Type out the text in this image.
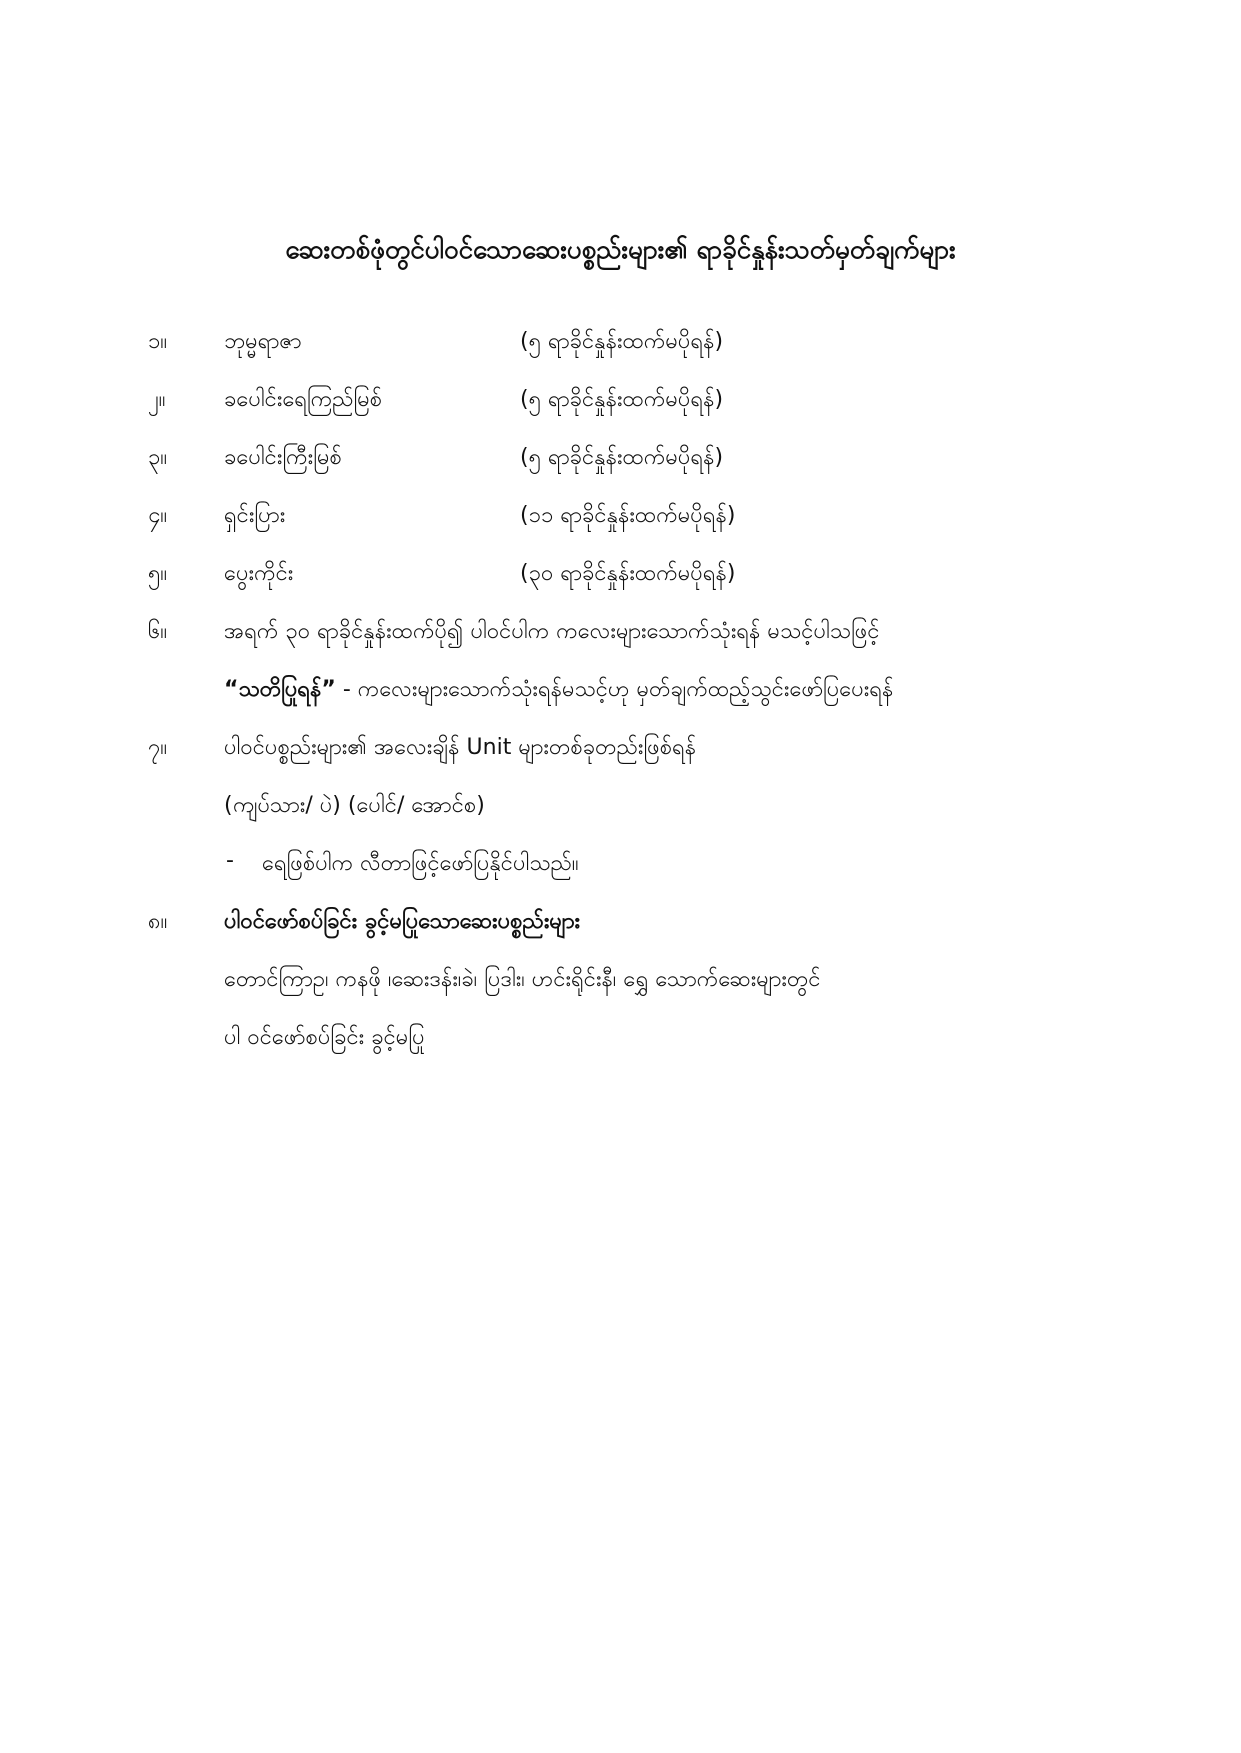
ဆေးတစ်ဖုံတွင်ပါဝင်သောဆေးပစ္စည်းများ၏ ရာခိုင်နှုန်းသတ်မှတ်ချက်များ
၁။	ဘုမ္မရာဇာ	(၅ ရာခိုင်နှုန်းထက်မပိုရန်)
၂။	ခပေါင်းရေကြည်မြစ်	(၅ ရာခိုင်နှုန်းထက်မပိုရန်)
၃။	ခပေါင်းကြီးမြစ်	(၅ ရာခိုင်နှုန်းထက်မပိုရန်)
၄။	ရှင်းပြား	(၁၁ ရာခိုင်နှုန်းထက်မပိုရန်)
၅။	ပွေးကိုင်း	(၃၀ ရာခိုင်နှုန်းထက်မပိုရန်)
၆။	အရက် ၃၀ ရာခိုင်နှုန်းထက်ပို၍ ပါဝင်ပါက ကလေးများသောက်သုံးရန် မသင့်ပါသဖြင့်
“သတိပြုရန်” - ကလေးများသောက်သုံးရန်မသင့်ဟု မှတ်ချက်ထည့်သွင်းဖော်ပြပေးရန်
၇။	ပါဝင်ပစ္စည်းများ၏ အလေးချိန် Unit များတစ်ခုတည်းဖြစ်ရန်
(ကျပ်သား/ ပဲ) (ပေါင်/ အောင်စ)
- ရေဖြစ်ပါက လီတာဖြင့်ဖော်ပြနိုင်ပါသည်။
၈။	ပါဝင်ဖော်စပ်ခြင်း ခွင့်မပြုသောဆေးပစ္စည်းများ
တောင်ကြာဥ၊ ကနဖို ၊ဆေးဒန်း၊ခဲ၊ ပြဒါး၊ ဟင်းရိုင်းနီ၊ ရွှေ သောက်ဆေးများတွင်
ပါ ဝင်ဖော်စပ်ခြင်း ခွင့်မပြု
